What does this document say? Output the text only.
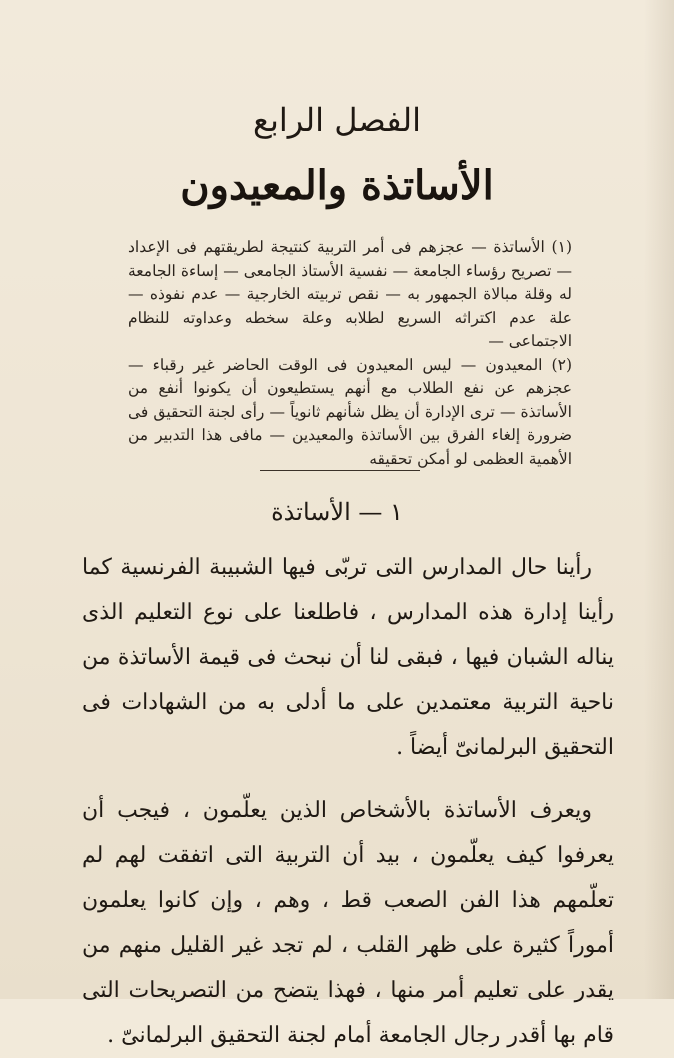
الفصل الرابع
الأساتذة والمعيدون

(١) الأساتذة — عجزهم فى أمر التربية كنتيجة لطريقتهم فى الإعداد — تصريح رؤساء الجامعة — نفسية الأستاذ الجامعى — إساءة الجامعة له وقلة مبالاة الجمهور به — نقص تربيته الخارجية — عدم نفوذه — علة عدم اكتراثه السريع لطلابه وعلة سخطه وعداوته للنظام الاجتماعى —

(٢) المعيدون — ليس المعيدون فى الوقت الحاضر غير رقباء — عجزهم عن نفع الطلاب مع أنهم يستطيعون أن يكونوا أنفع من الأساتذة — ترى الإدارة أن يظل شأنهم ثانوياً — رأى لجنة التحقيق فى ضرورة إلغاء الفرق بين الأساتذة والمعيدين — مافى هذا التدبير من الأهمية العظمى لو أمكن تحقيقه

١ — الأساتذة

رأينا حال المدارس التى تربّى فيها الشبيبة الفرنسية كما رأينا إدارة هذه المدارس ، فاطلعنا على نوع التعليم الذى يناله الشبان فيها ، فبقى لنا أن نبحث فى قيمة الأساتذة من ناحية التربية معتمدين على ما أدلى به من الشهادات فى التحقيق البرلمانىّ أيضاً .

ويعرف الأساتذة بالأشخاص الذين يعلّمون ، فيجب أن يعرفوا كيف يعلّمون ، بيد أن التربية التى اتفقت لهم لم تعلّمهم هذا الفن الصعب قط ، وهم ، وإن كانوا يعلمون أموراً كثيرة على ظهر القلب ، لم تجد غير القليل منهم من يقدر على تعليم أمر منها ، فهذا يتضح من التصريحات التى قام بها أقدر رجال الجامعة أمام لجنة التحقيق البرلمانىّ .
